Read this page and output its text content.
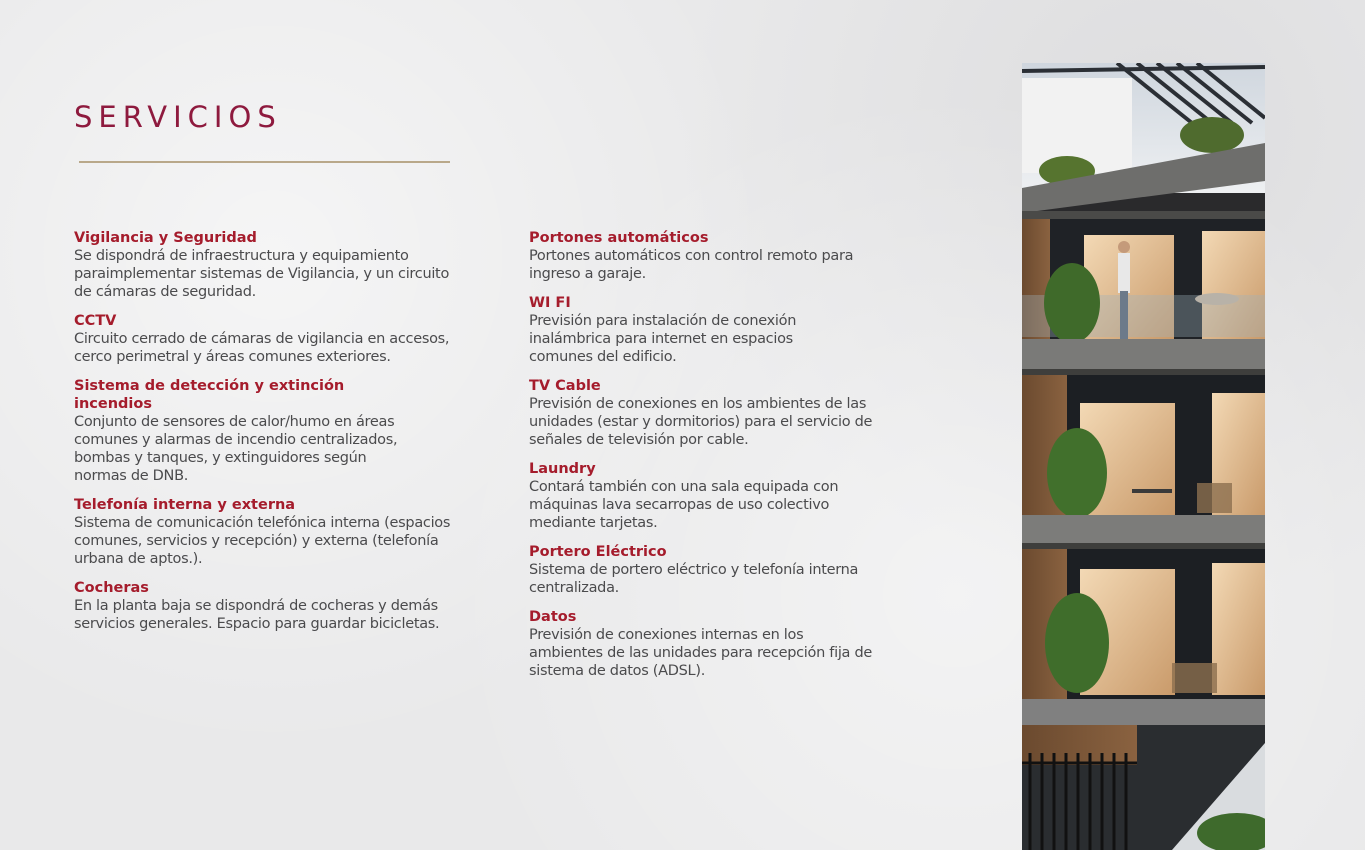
SERVICIOS

Vigilancia y Seguridad

Se dispondrá de infraestructura y equipamiento paraimplementar sistemas de Vigilancia, y un circuito de cámaras de seguridad.

CCTV

Circuito cerrado de cámaras de vigilancia en accesos, cerco perimetral y áreas comunes exteriores.

Sistema de detección y extinción incendios

Conjunto de sensores de calor/humo en áreas comunes y alarmas de incendio centralizados, bombas y tanques, y extinguidores según normas de DNB.

Telefonía interna y externa

Sistema de comunicación telefónica interna (espacios comunes, servicios y recepción) y externa (telefonía urbana de aptos.).

Cocheras

En la planta baja se dispondrá de cocheras y demás servicios generales. Espacio para guardar bicicletas.

Portones automáticos

Portones automáticos con control remoto para ingreso a garaje.

WI FI

Previsión para instalación de conexión inalámbrica para internet en espacios comunes del edificio.

TV Cable

Previsión de conexiones en los ambientes de las unidades (estar y dormitorios) para el servicio de señales de televisión por cable.

Laundry

Contará también con una sala equipada con máquinas lava secarropas de uso colectivo mediante tarjetas.

Portero Eléctrico

Sistema de portero eléctrico y telefonía interna centralizada.

Datos

Previsión de conexiones internas en los ambientes de las unidades para recepción fija de sistema de datos (ADSL).
